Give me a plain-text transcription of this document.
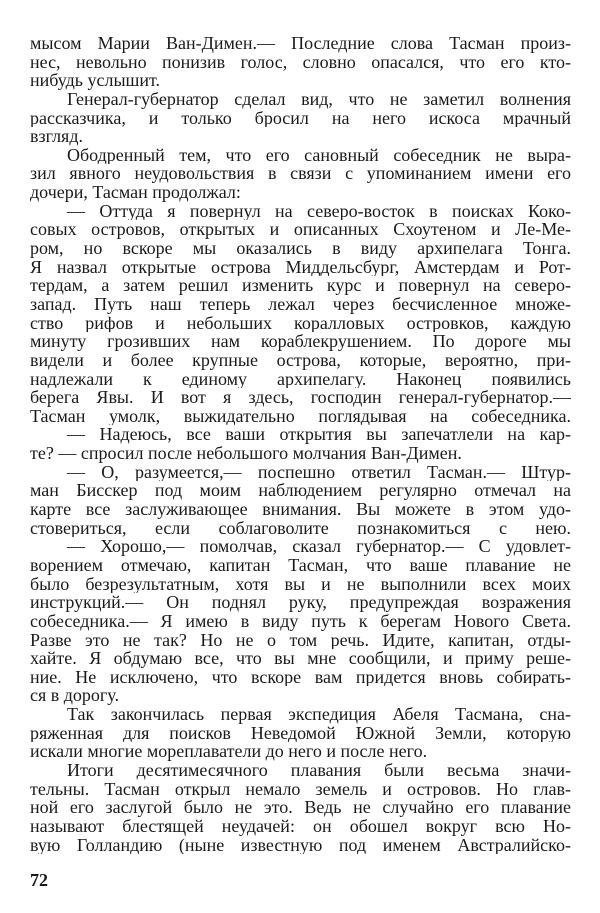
мысом Марии Ван-Димен.— Последние слова Тасман произ-
нес, невольно понизив голос, словно опасался, что его кто-
нибудь услышит.
Генерал-губернатор сделал вид, что не заметил волнения
рассказчика, и только бросил на него искоса мрачный
взгляд.
Ободренный тем, что его сановный собеседник не выра-
зил явного неудовольствия в связи с упоминанием имени его
дочери, Тасман продолжал:
— Оттуда я повернул на северо-восток в поисках Коко-
совых островов, открытых и описанных Схоутеном и Ле-Ме-
ром, но вскоре мы оказались в виду архипелага Тонга.
Я назвал открытые острова Миддельсбург, Амстердам и Рот-
тердам, а затем решил изменить курс и повернул на северо-
запад. Путь наш теперь лежал через бесчисленное множе-
ство рифов и небольших коралловых островков, каждую
минуту грозивших нам кораблекрушением. По дороге мы
видели и более крупные острова, которые, вероятно, при-
надлежали к единому архипелагу. Наконец появились
берега Явы. И вот я здесь, господин генерал-губернатор.—
Тасман умолк, выжидательно поглядывая на собеседника.
— Надеюсь, все ваши открытия вы запечатлели на кар-
те? — спросил после небольшого молчания Ван-Димен.
— О, разумеется,— поспешно ответил Тасман.— Штур-
ман Бисскер под моим наблюдением регулярно отмечал на
карте все заслуживающее внимания. Вы можете в этом удо-
стовериться, если соблаговолите познакомиться с нею.
— Хорошо,— помолчав, сказал губернатор.— С удовлет-
ворением отмечаю, капитан Тасман, что ваше плавание не
было безрезультатным, хотя вы и не выполнили всех моих
инструкций.— Он поднял руку, предупреждая возражения
собеседника.— Я имею в виду путь к берегам Нового Света.
Разве это не так? Но не о том речь. Идите, капитан, отды-
хайте. Я обдумаю все, что вы мне сообщили, и приму реше-
ние. Не исключено, что вскоре вам придется вновь собирать-
ся в дорогу.
Так закончилась первая экспедиция Абеля Тасмана, сна-
ряженная для поисков Неведомой Южной Земли, которую
искали многие мореплаватели до него и после него.
Итоги десятимесячного плавания были весьма значи-
тельны. Тасман открыл немало земель и островов. Но глав-
ной его заслугой было не это. Ведь не случайно его плавание
называют блестящей неудачей: он обошел вокруг всю Но-
вую Голландию (ныне известную под именем Австралийско-
72
